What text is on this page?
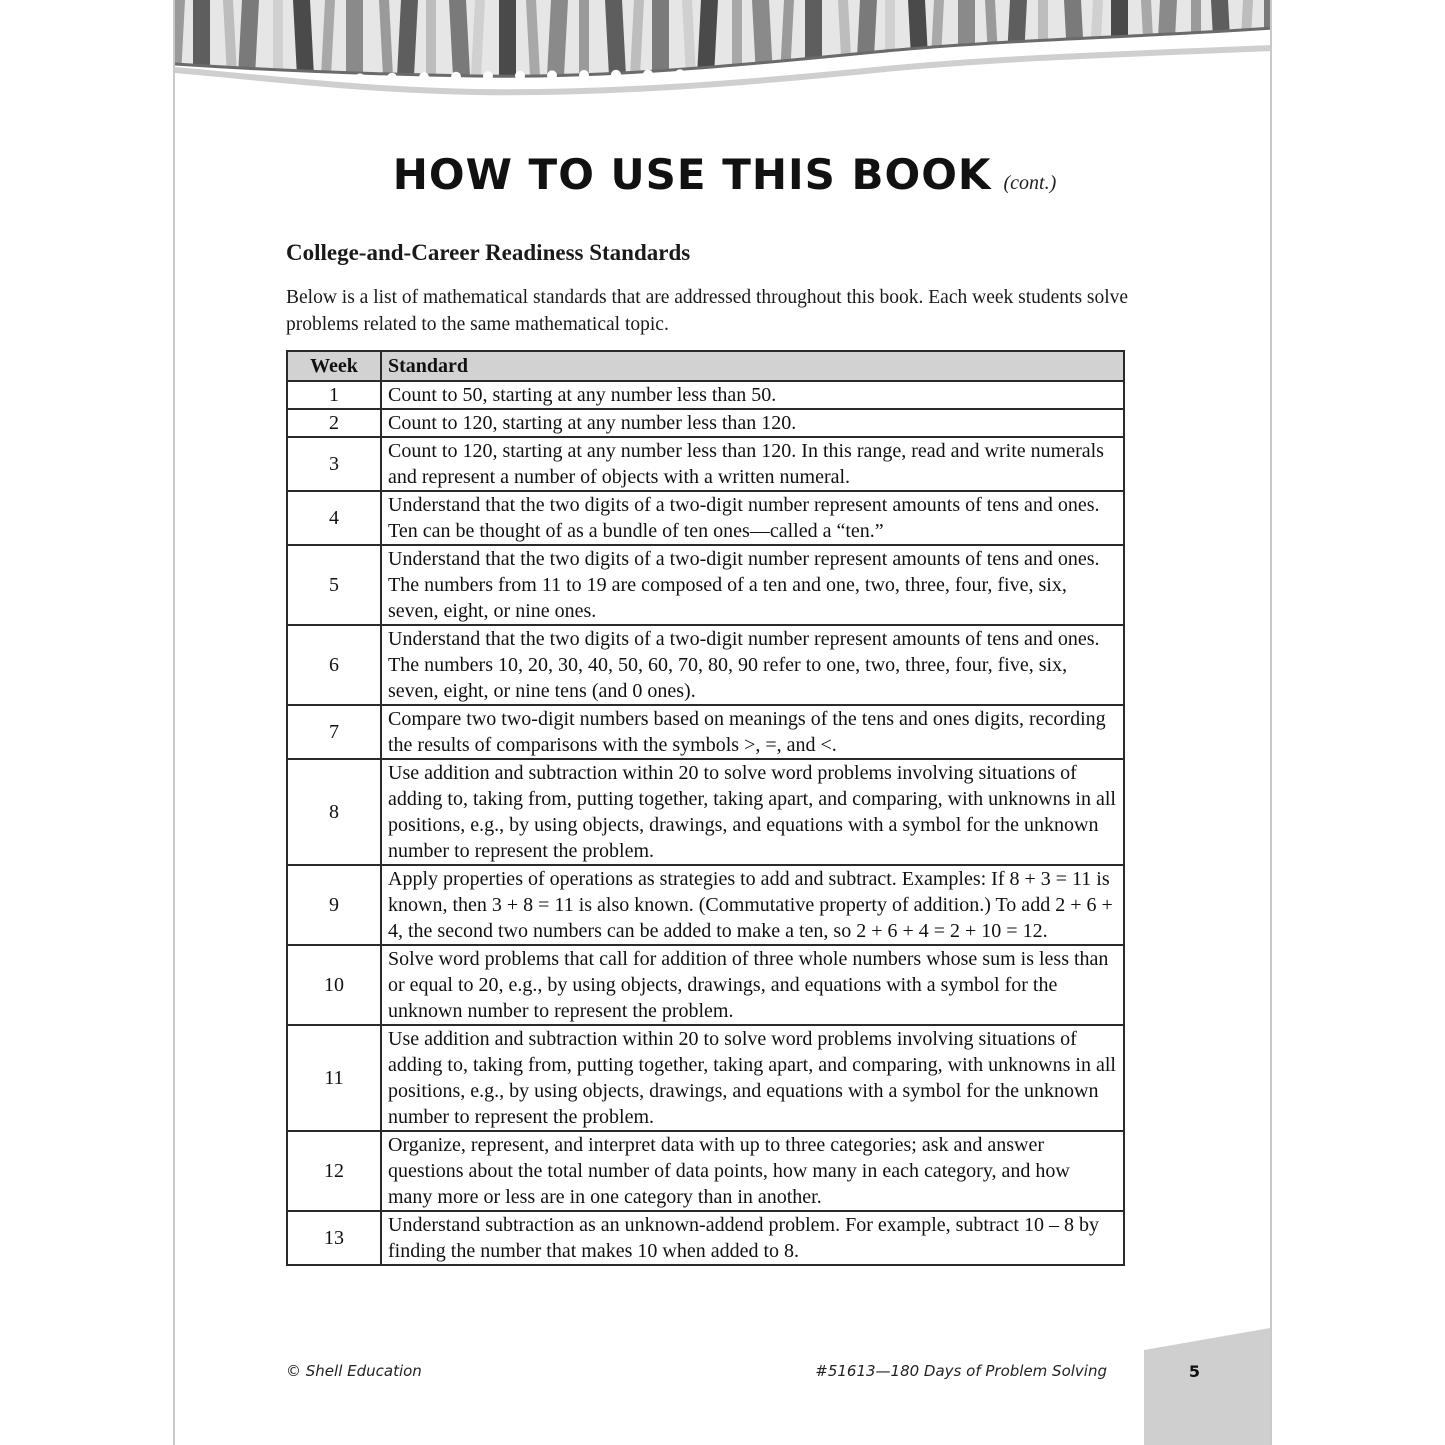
HOW TO USE THIS BOOK (cont.)
College-and-Career Readiness Standards
Below is a list of mathematical standards that are addressed throughout this book. Each week students solve problems related to the same mathematical topic.
Week	Standard
1	Count to 50, starting at any number less than 50.
2	Count to 120, starting at any number less than 120.
3	Count to 120, starting at any number less than 120. In this range, read and write numerals and represent a number of objects with a written numeral.
4	Understand that the two digits of a two-digit number represent amounts of tens and ones. Ten can be thought of as a bundle of ten ones—called a “ten.”
5	Understand that the two digits of a two-digit number represent amounts of tens and ones. The numbers from 11 to 19 are composed of a ten and one, two, three, four, five, six, seven, eight, or nine ones.
6	Understand that the two digits of a two-digit number represent amounts of tens and ones. The numbers 10, 20, 30, 40, 50, 60, 70, 80, 90 refer to one, two, three, four, five, six, seven, eight, or nine tens (and 0 ones).
7	Compare two two-digit numbers based on meanings of the tens and ones digits, recording the results of comparisons with the symbols >, =, and <.
8	Use addition and subtraction within 20 to solve word problems involving situations of adding to, taking from, putting together, taking apart, and comparing, with unknowns in all positions, e.g., by using objects, drawings, and equations with a symbol for the unknown number to represent the problem.
9	Apply properties of operations as strategies to add and subtract. Examples: If 8 + 3 = 11 is known, then 3 + 8 = 11 is also known. (Commutative property of addition.) To add 2 + 6 + 4, the second two numbers can be added to make a ten, so 2 + 6 + 4 = 2 + 10 = 12.
10	Solve word problems that call for addition of three whole numbers whose sum is less than or equal to 20, e.g., by using objects, drawings, and equations with a symbol for the unknown number to represent the problem.
11	Use addition and subtraction within 20 to solve word problems involving situations of adding to, taking from, putting together, taking apart, and comparing, with unknowns in all positions, e.g., by using objects, drawings, and equations with a symbol for the unknown number to represent the problem.
12	Organize, represent, and interpret data with up to three categories; ask and answer questions about the total number of data points, how many in each category, and how many more or less are in one category than in another.
13	Understand subtraction as an unknown-addend problem. For example, subtract 10 – 8 by finding the number that makes 10 when added to 8.
© Shell Education	#51613—180 Days of Problem Solving	5
